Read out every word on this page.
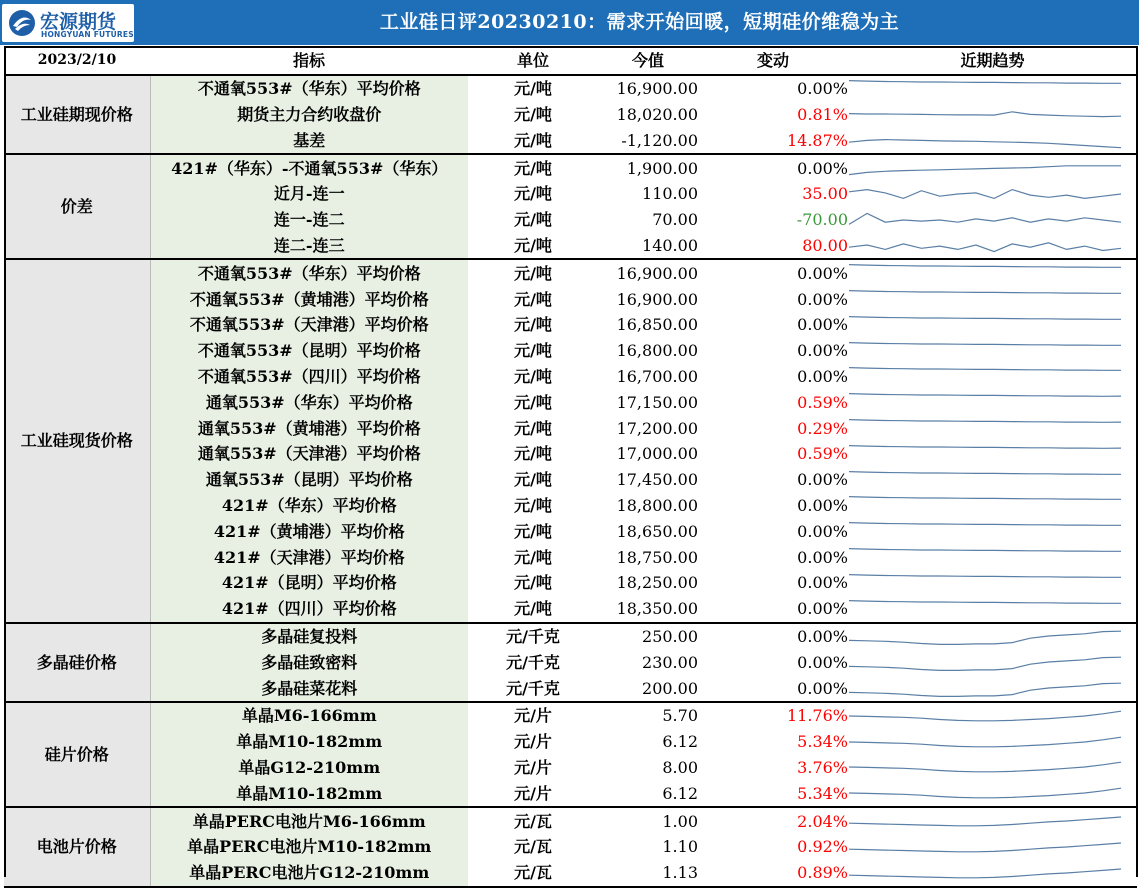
宏源期货
HONGYUAN FUTURES
工业硅日评20230210：需求开始回暖，短期硅价维稳为主
2023/2/10	指标	单位	今值	变动	近期趋势
工业硅期现价格	不通氧553#（华东）平均价格	元/吨	16,900.00	0.00%	

	期货主力合约收盘价	元/吨	18,020.00	0.81%	

	基差	元/吨	-1,120.00	14.87%	

价差	421#（华东）-不通氧553#（华东）	元/吨	1,900.00	0.00%	

	近月-连一	元/吨	110.00	35.00	

	连一-连二	元/吨	70.00	-70.00	

	连二-连三	元/吨	140.00	80.00	

工业硅现货价格	不通氧553#（华东）平均价格	元/吨	16,900.00	0.00%	

	不通氧553#（黄埔港）平均价格	元/吨	16,900.00	0.00%	

	不通氧553#（天津港）平均价格	元/吨	16,850.00	0.00%	

	不通氧553#（昆明）平均价格	元/吨	16,800.00	0.00%	

	不通氧553#（四川）平均价格	元/吨	16,700.00	0.00%	

	通氧553#（华东）平均价格	元/吨	17,150.00	0.59%	

	通氧553#（黄埔港）平均价格	元/吨	17,200.00	0.29%	

	通氧553#（天津港）平均价格	元/吨	17,000.00	0.59%	

	通氧553#（昆明）平均价格	元/吨	17,450.00	0.00%	

	421#（华东）平均价格	元/吨	18,800.00	0.00%	

	421#（黄埔港）平均价格	元/吨	18,650.00	0.00%	

	421#（天津港）平均价格	元/吨	18,750.00	0.00%	

	421#（昆明）平均价格	元/吨	18,250.00	0.00%	

	421#（四川）平均价格	元/吨	18,350.00	0.00%	

多晶硅价格	多晶硅复投料	元/千克	250.00	0.00%	

	多晶硅致密料	元/千克	230.00	0.00%	

	多晶硅菜花料	元/千克	200.00	0.00%	

硅片价格	单晶M6-166mm	元/片	5.70	11.76%	

	单晶M10-182mm	元/片	6.12	5.34%	

	单晶G12-210mm	元/片	8.00	3.76%	

	单晶M10-182mm	元/片	6.12	5.34%	

电池片价格	单晶PERC电池片M6-166mm	元/瓦	1.00	2.04%	

	单晶PERC电池片M10-182mm	元/瓦	1.10	0.92%	

	单晶PERC电池片G12-210mm	元/瓦	1.13	0.89%	
